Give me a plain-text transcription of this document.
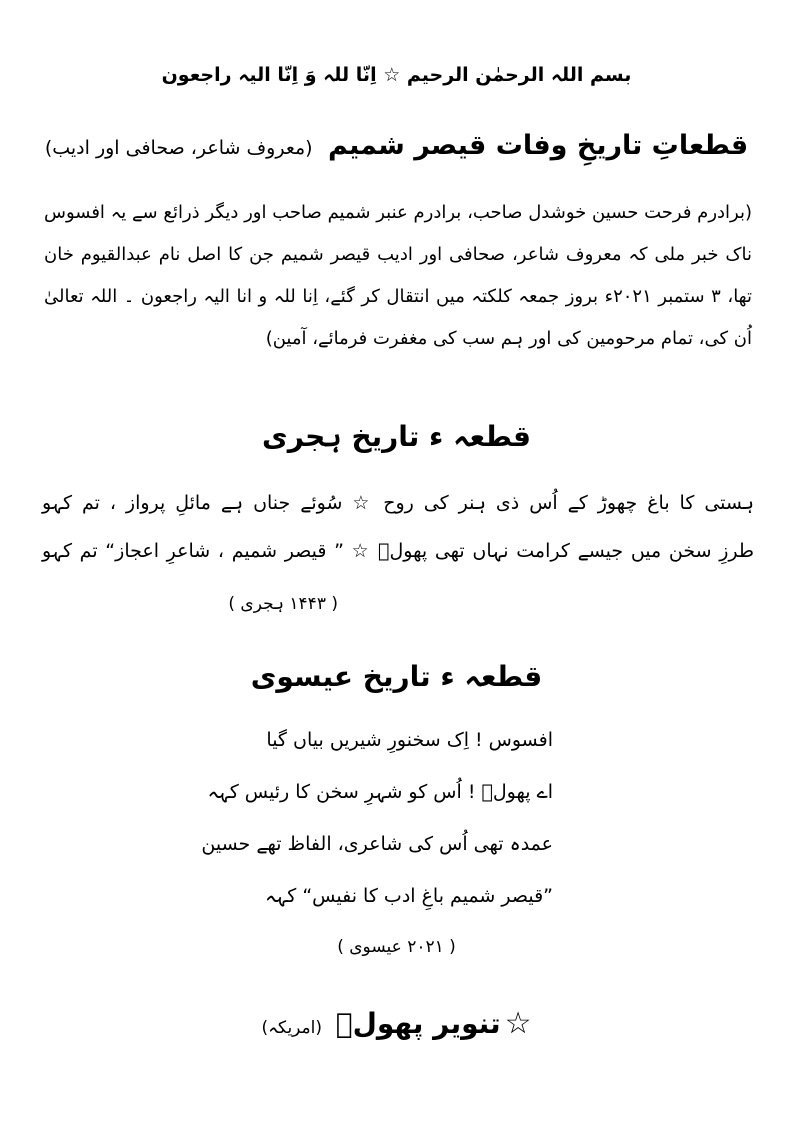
بسم اللہ الرحمٰن الرحیم ☆ اِنّا للہ وَ اِنّا الیہ راجعون
قطعاتِ تاریخِ وفات قیصر شمیم (معروف شاعر، صحافی اور ادیب)
(برادرم فرحت حسین خوشدل صاحب، برادرم عنبر شمیم صاحب اور دیگر ذرائع سے یہ افسوس ناک خبر ملی کہ معروف شاعر، صحافی اور ادیب قیصر شمیم جن کا اصل نام عبدالقیوم خان تھا، ۳ ستمبر ۲۰۲۱ء بروز جمعہ کلکتہ میں انتقال کر گئے، اِنا للہ و انا الیہ راجعون ۔ اللہ تعالیٰ اُن کی، تمام مرحومین کی اور ہم سب کی مغفرت فرمائے، آمین)
قطعہ ء تاریخ ہجری
ہستی کا باغ چھوڑ کے اُس ذی ہنر کی روح ☆ سُوئے جناں ہے مائلِ پرواز ، تم کہو
طرزِ سخن میں جیسے کرامت نہاں تھی پھولؔ ☆ ” قیصر شمیم ، شاعرِ اعجاز“ تم کہو
( ۱۴۴۳ ہجری )
قطعہ ء تاریخ عیسوی
افسوس ! اِک سخنورِ شیریں بیاں گیا
اے پھولؔ ! اُس کو شہرِ سخن کا رئیس کہہ
عمدہ تھی اُس کی شاعری، الفاظ تھے حسین
”قیصر شمیم باغِ ادب کا نفیس“ کہہ
( ۲۰۲۱ عیسوی )
☆تنویر پھولؔ (امریکہ)
